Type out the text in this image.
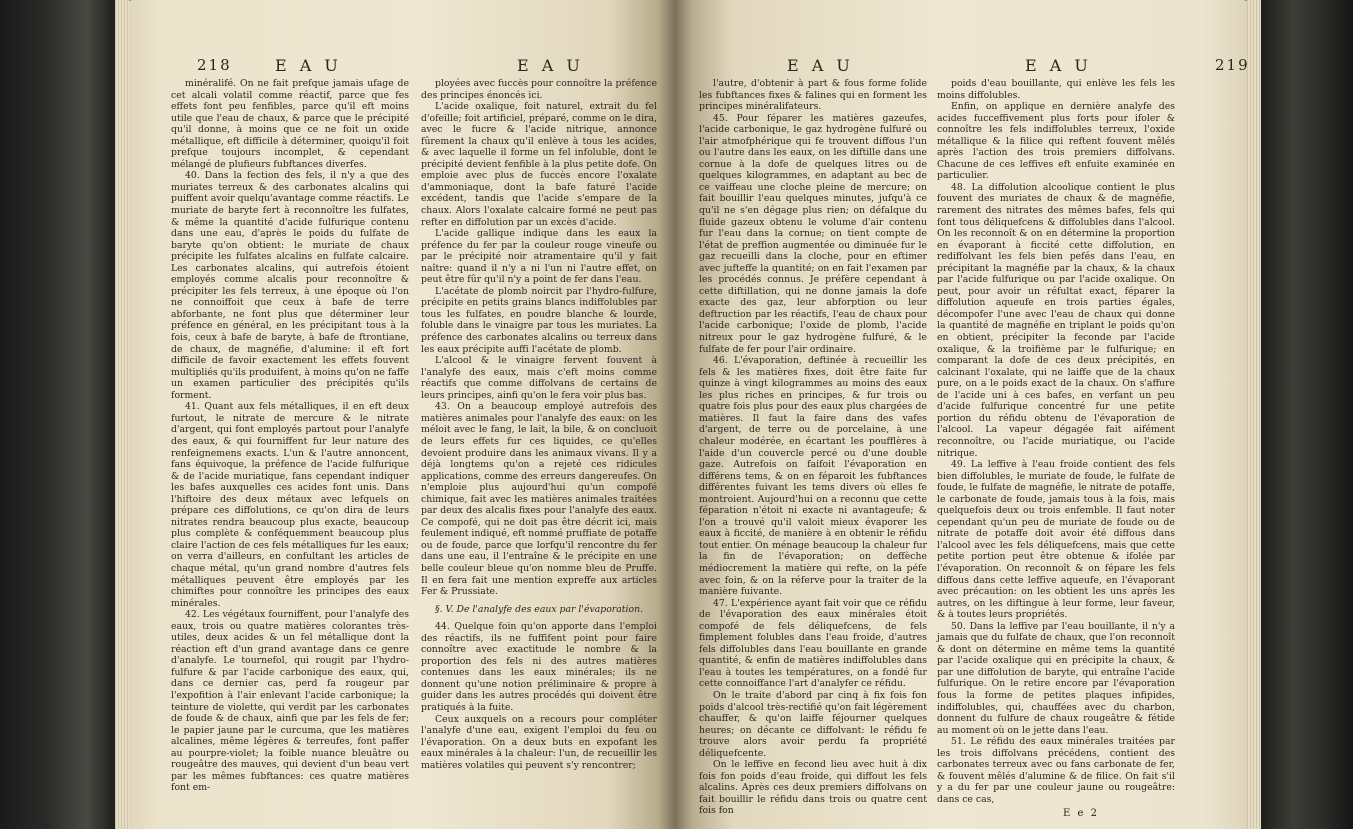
218	E A U	E A U

minéralifé. On ne fait prefque jamais ufage de cet alcali volatil comme réactif, parce que fes effets font peu fenfibles, parce qu'il eft moins utile que l'eau de chaux, & parce que le précipité qu'il donne, à moins que ce ne foit un oxide métallique, eft difficile à déterminer, quoiqu'il foit prefque toujours incomplet, & cependant mélangé de plufieurs fubftances diverfes.

40. Dans la fection des fels, il n'y a que des muriates terreux & des carbonates alcalins qui puiffent avoir quelqu'avantage comme réactifs. Le muriate de baryte fert à reconnoître les fulfates, & même la quantité d'acide fulfurique contenu dans une eau, d'après le poids du fulfate de baryte qu'on obtient: le muriate de chaux précipite les fulfates alcalins en fulfate calcaire. Les carbonates alcalins, qui autrefois étoient employés comme alcalis pour reconnoître & précipiter les fels terreux, à une époque où l'on ne connoiffoit que ceux à bafe de terre abforbante, ne font plus que déterminer leur préfence en général, en les précipitant tous à la fois, ceux à bafe de baryte, à bafe de ftrontiane, de chaux, de magnéfie, d'alumine: il eft fort difficile de favoir exactement les effets fouvent multipliés qu'ils produifent, à moins qu'on ne faffe un examen particulier des précipités qu'ils forment.

41. Quant aux fels métalliques, il en eft deux furtout, le nitrate de mercure & le nitrate d'argent, qui font employés partout pour l'analyfe des eaux, & qui fourniffent fur leur nature des renfeignemens exacts. L'un & l'autre annoncent, fans équivoque, la préfence de l'acide fulfurique & de l'acide muriatique, fans cependant indiquer les bafes auxquelles ces acides font unis. Dans l'hiftoire des deux métaux avec lefquels on prépare ces diffolutions, ce qu'on dira de leurs nitrates rendra beaucoup plus exacte, beaucoup plus complète & conféquemment beaucoup plus claire l'action de ces fels métalliques fur les eaux; on verra d'ailleurs, en confultant les articles de chaque métal, qu'un grand nombre d'autres fels métalliques peuvent être employés par les chimiftes pour connoître les principes des eaux minérales.

42. Les végétaux fourniffent, pour l'analyfe des eaux, trois ou quatre matières colorantes très-utiles, deux acides & un fel métallique dont la réaction eft d'un grand avantage dans ce genre d'analyfe. Le tournefol, qui rougit par l'hydro-fulfure & par l'acide carbonique des eaux, qui, dans ce dernier cas, perd fa rougeur par l'expofition à l'air enlevant l'acide carbonique; la teinture de violette, qui verdit par les carbonates de foude & de chaux, ainfi que par les fels de fer; le papier jaune par le curcuma, que les matières alcalines, même légères & terreufes, font paffer au pourpre-violet; la foible nuance bleuâtre ou rougeâtre des mauves, qui devient d'un beau vert par les mêmes fubftances: ces quatre matières font em-

ployées avec fuccès pour connoître la préfence des principes énoncés ici.

L'acide oxalique, foit naturel, extrait du fel d'ofeille; foit artificiel, préparé, comme on le dira, avec le fucre & l'acide nitrique, annonce fûrement la chaux qu'il enlève à tous les acides, & avec laquelle il forme un fel infoluble, dont le précipité devient fenfible à la plus petite dofe. On emploie avec plus de fuccès encore l'oxalate d'ammoniaque, dont la bafe faturé l'acide excédent, tandis que l'acide s'empare de la chaux. Alors l'oxalate calcaire formé ne peut pas refter en diffolution par un excès d'acide.

L'acide gallique indique dans les eaux la préfence du fer par la couleur rouge vineufe ou par le précipité noir atramentaire qu'il y fait naître: quand il n'y a ni l'un ni l'autre effet, on peut être fûr qu'il n'y a point de fer dans l'eau.

L'acétate de plomb noircit par l'hydro-fulfure, précipite en petits grains blancs indiffolubles par tous les fulfates, en poudre blanche & lourde, foluble dans le vinaigre par tous les muriates. La préfence des carbonates alcalins ou terreux dans les eaux précipite auffi l'acétate de plomb.

L'alcool & le vinaigre fervent fouvent à l'analyfe des eaux, mais c'eft moins comme réactifs que comme diffolvans de certains de leurs principes, ainfi qu'on le fera voir plus bas.

43. On a beaucoup employé autrefois des matières animales pour l'analyfe des eaux: on les méloit avec le fang, le lait, la bile, & on concluoit de leurs effets fur ces liquides, ce qu'elles devoient produire dans les animaux vivans. Il y a déjà longtems qu'on a rejeté ces ridicules applications, comme des erreurs dangereufes. On n'emploie plus aujourd'hui qu'un compofé chimique, fait avec les matières animales traitées par deux des alcalis fixes pour l'analyfe des eaux. Ce compofé, qui ne doit pas être décrit ici, mais feulement indiqué, eft nommé pruffiate de potaffe ou de foude, parce que lorfqu'il rencontre du fer dans une eau, il l'entraîne & le précipite en une belle couleur bleue qu'on nomme bleu de Pruffe. Il en fera fait une mention expreffe aux articles Fer & Prussiate.

§. V. De l'analyfe des eaux par l'évaporation.

44. Quelque foin qu'on apporte dans l'emploi des réactifs, ils ne fuffifent point pour faire connoître avec exactitude le nombre & la proportion des fels ni des autres matières contenues dans les eaux minérales; ils ne donnent qu'une notion préliminaire & propre à guider dans les autres procédés qui doivent être pratiqués à la fuite.

Ceux auxquels on a recours pour compléter l'analyfe d'une eau, exigent l'emploi du feu ou l'évaporation. On a deux buts en expofant les eaux minérales à la chaleur: l'un, de recueillir les matières volatiles qui peuvent s'y rencontrer;

E A U	E A U	219

l'autre, d'obtenir à part & fous forme folide les fubftances fixes & falines qui en forment les principes minéralifateurs.

45. Pour féparer les matières gazeufes, l'acide carbonique, le gaz hydrogène fulfuré ou l'air atmofphérique qui fe trouvent diffous l'un ou l'autre dans les eaux, on les diftille dans une cornue à la dofe de quelques litres ou de quelques kilogrammes, en adaptant au bec de ce vaiffeau une cloche pleine de mercure; on fait bouillir l'eau quelques minutes, jufqu'à ce qu'il ne s'en dégage plus rien; on défalque du fluide gazeux obtenu le volume d'air contenu fur l'eau dans la cornue; on tient compte de l'état de preffion augmentée ou diminuée fur le gaz recueilli dans la cloche, pour en eftimer avec jufteffe la quantité; on en fait l'examen par les procédés connus. Je préfère cependant à cette diftillation, qui ne donne jamais la dofe exacte des gaz, leur abforption ou leur deftruction par les réactifs, l'eau de chaux pour l'acide carbonique; l'oxide de plomb, l'acide nitreux pour le gaz hydrogène fulfuré, & le fulfate de fer pour l'air ordinaire.

46. L'évaporation, deftinée à recueillir les fels & les matières fixes, doit être faite fur quinze à vingt kilogrammes au moins des eaux les plus riches en principes, & fur trois ou quatre fois plus pour des eaux plus chargées de matières. Il faut la faire dans des vafes d'argent, de terre ou de porcelaine, à une chaleur modérée, en écartant les poufflères à l'aide d'un couvercle percé ou d'une double gaze. Autrefois on faifoit l'évaporation en différens tems, & on en féparoit les fubftances différentes fuivant les tems divers où elles fe montroient. Aujourd'hui on a reconnu que cette féparation n'étoit ni exacte ni avantageufe; & l'on a trouvé qu'il valoit mieux évaporer les eaux à ficcité, de manière à en obtenir le réfidu tout entier. On ménage beaucoup la chaleur fur la fin de l'évaporation; on deffèche médiocrement la matière qui refte, on la péfe avec foin, & on la réferve pour la traiter de la manière fuivante.

47. L'expérience ayant fait voir que ce réfidu de l'évaporation des eaux minérales étoit compofé de fels déliquefcens, de fels fimplement folubles dans l'eau froide, d'autres fels diffolubles dans l'eau bouillante en grande quantité, & enfin de matières indiffolubles dans l'eau à toutes les températures, on a fondé fur cette connoiffance l'art d'analyfer ce réfidu.

On le traite d'abord par cinq à fix fois fon poids d'alcool très-rectifié qu'on fait légèrement chauffer, & qu'on laiffe féjourner quelques heures; on décante ce diffolvant: le réfidu fe trouve alors avoir perdu fa propriété déliquefcente.

On le leffive en fecond lieu avec huit à dix fois fon poids d'eau froide, qui diffout les fels alcalins. Après ces deux premiers diffolvans on fait bouillir le réfidu dans trois ou quatre cent fois fon

poids d'eau bouillante, qui enlève les fels les moins diffolubles.

Enfin, on applique en dernière analyfe des acides fucceffivement plus forts pour ifoler & connoître les fels indiffolubles terreux, l'oxide métallique & la filice qui reftent fouvent mêlés après l'action des trois premiers diffolvans. Chacune de ces leffives eft enfuite examinée en particulier.

48. La diffolution alcoolique contient le plus fouvent des muriates de chaux & de magnéfie, rarement des nitrates des mêmes bafes, fels qui font tous déliquefcens & diffolubles dans l'alcool. On les reconnoît & on en détermine la proportion en évaporant à ficcité cette diffolution, en rediffolvant les fels bien pefés dans l'eau, en précipitant la magnéfie par la chaux, & la chaux par l'acide fulfurique ou par l'acide oxalique. On peut, pour avoir un réfultat exact, féparer la diffolution aqueufe en trois parties égales, décompofer l'une avec l'eau de chaux qui donne la quantité de magnéfie en triplant le poids qu'on en obtient, précipiter la feconde par l'acide oxalique, & la troifième par le fulfurique; en comparant la dofe de ces deux précipités, en calcinant l'oxalate, qui ne laiffe que de la chaux pure, on a le poids exact de la chaux. On s'affure de l'acide uni à ces bafes, en verfant un peu d'acide fulfurique concentré fur une petite portion du réfidu obtenu de l'évaporation de l'alcool. La vapeur dégagée fait aifément reconnoître, ou l'acide muriatique, ou l'acide nitrique.

49. La leffive à l'eau froide contient des fels bien diffolubles, le muriate de foude, le fulfate de foude, le fulfate de magnéfie, le nitrate de potaffe, le carbonate de foude, jamais tous à la fois, mais quelquefois deux ou trois enfemble. Il faut noter cependant qu'un peu de muriate de foude ou de nitrate de potaffe doit avoir été diffous dans l'alcool avec les fels déliquefcens, mais que cette petite portion peut être obtenue & ifolée par l'évaporation. On reconnoît & on fépare les fels diffous dans cette leffive aqueufe, en l'évaporant avec précaution: on les obtient les uns après les autres, on les diftingue à leur forme, leur faveur, & à toutes leurs propriétés.

50. Dans la leffive par l'eau bouillante, il n'y a jamais que du fulfate de chaux, que l'on reconnoît & dont on détermine en même tems la quantité par l'acide oxalique qui en précipite la chaux, & par une diffolution de baryte, qui entraîne l'acide fulfurique. On le retire encore par l'évaporation fous la forme de petites plaques infipides, indiffolubles, qui, chauffées avec du charbon, donnent du fulfure de chaux rougeâtre & fétide au moment où on le jette dans l'eau.

51. Le réfidu des eaux minérales traitées par les trois diffolvans précédens, contient des carbonates terreux avec ou fans carbonate de fer, & fouvent mêlés d'alumine & de filice. On fait s'il y a du fer par une couleur jaune ou rougeâtre: dans ce cas,

E e 2
